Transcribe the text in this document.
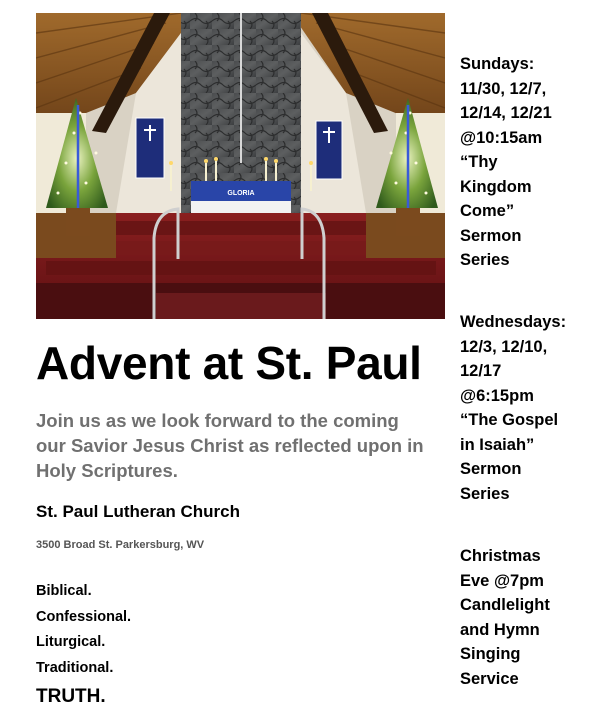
GLORIA
Advent at St. Paul
Join us as we look forward to the coming
our Savior Jesus Christ as reflected upon in
Holy Scriptures.
St. Paul Lutheran Church
3500 Broad St. Parkersburg, WV
Biblical.
Confessional.
Liturgical.
Traditional.
TRUTH.
Sundays:
11/30, 12/7,
12/14, 12/21
@10:15am
“Thy
Kingdom
Come”
Sermon
Series
Wednesdays:
12/3, 12/10,
12/17
@6:15pm
“The Gospel
in Isaiah”
Sermon
Series
Christmas
Eve @7pm
Candlelight
and Hymn
Singing
Service
